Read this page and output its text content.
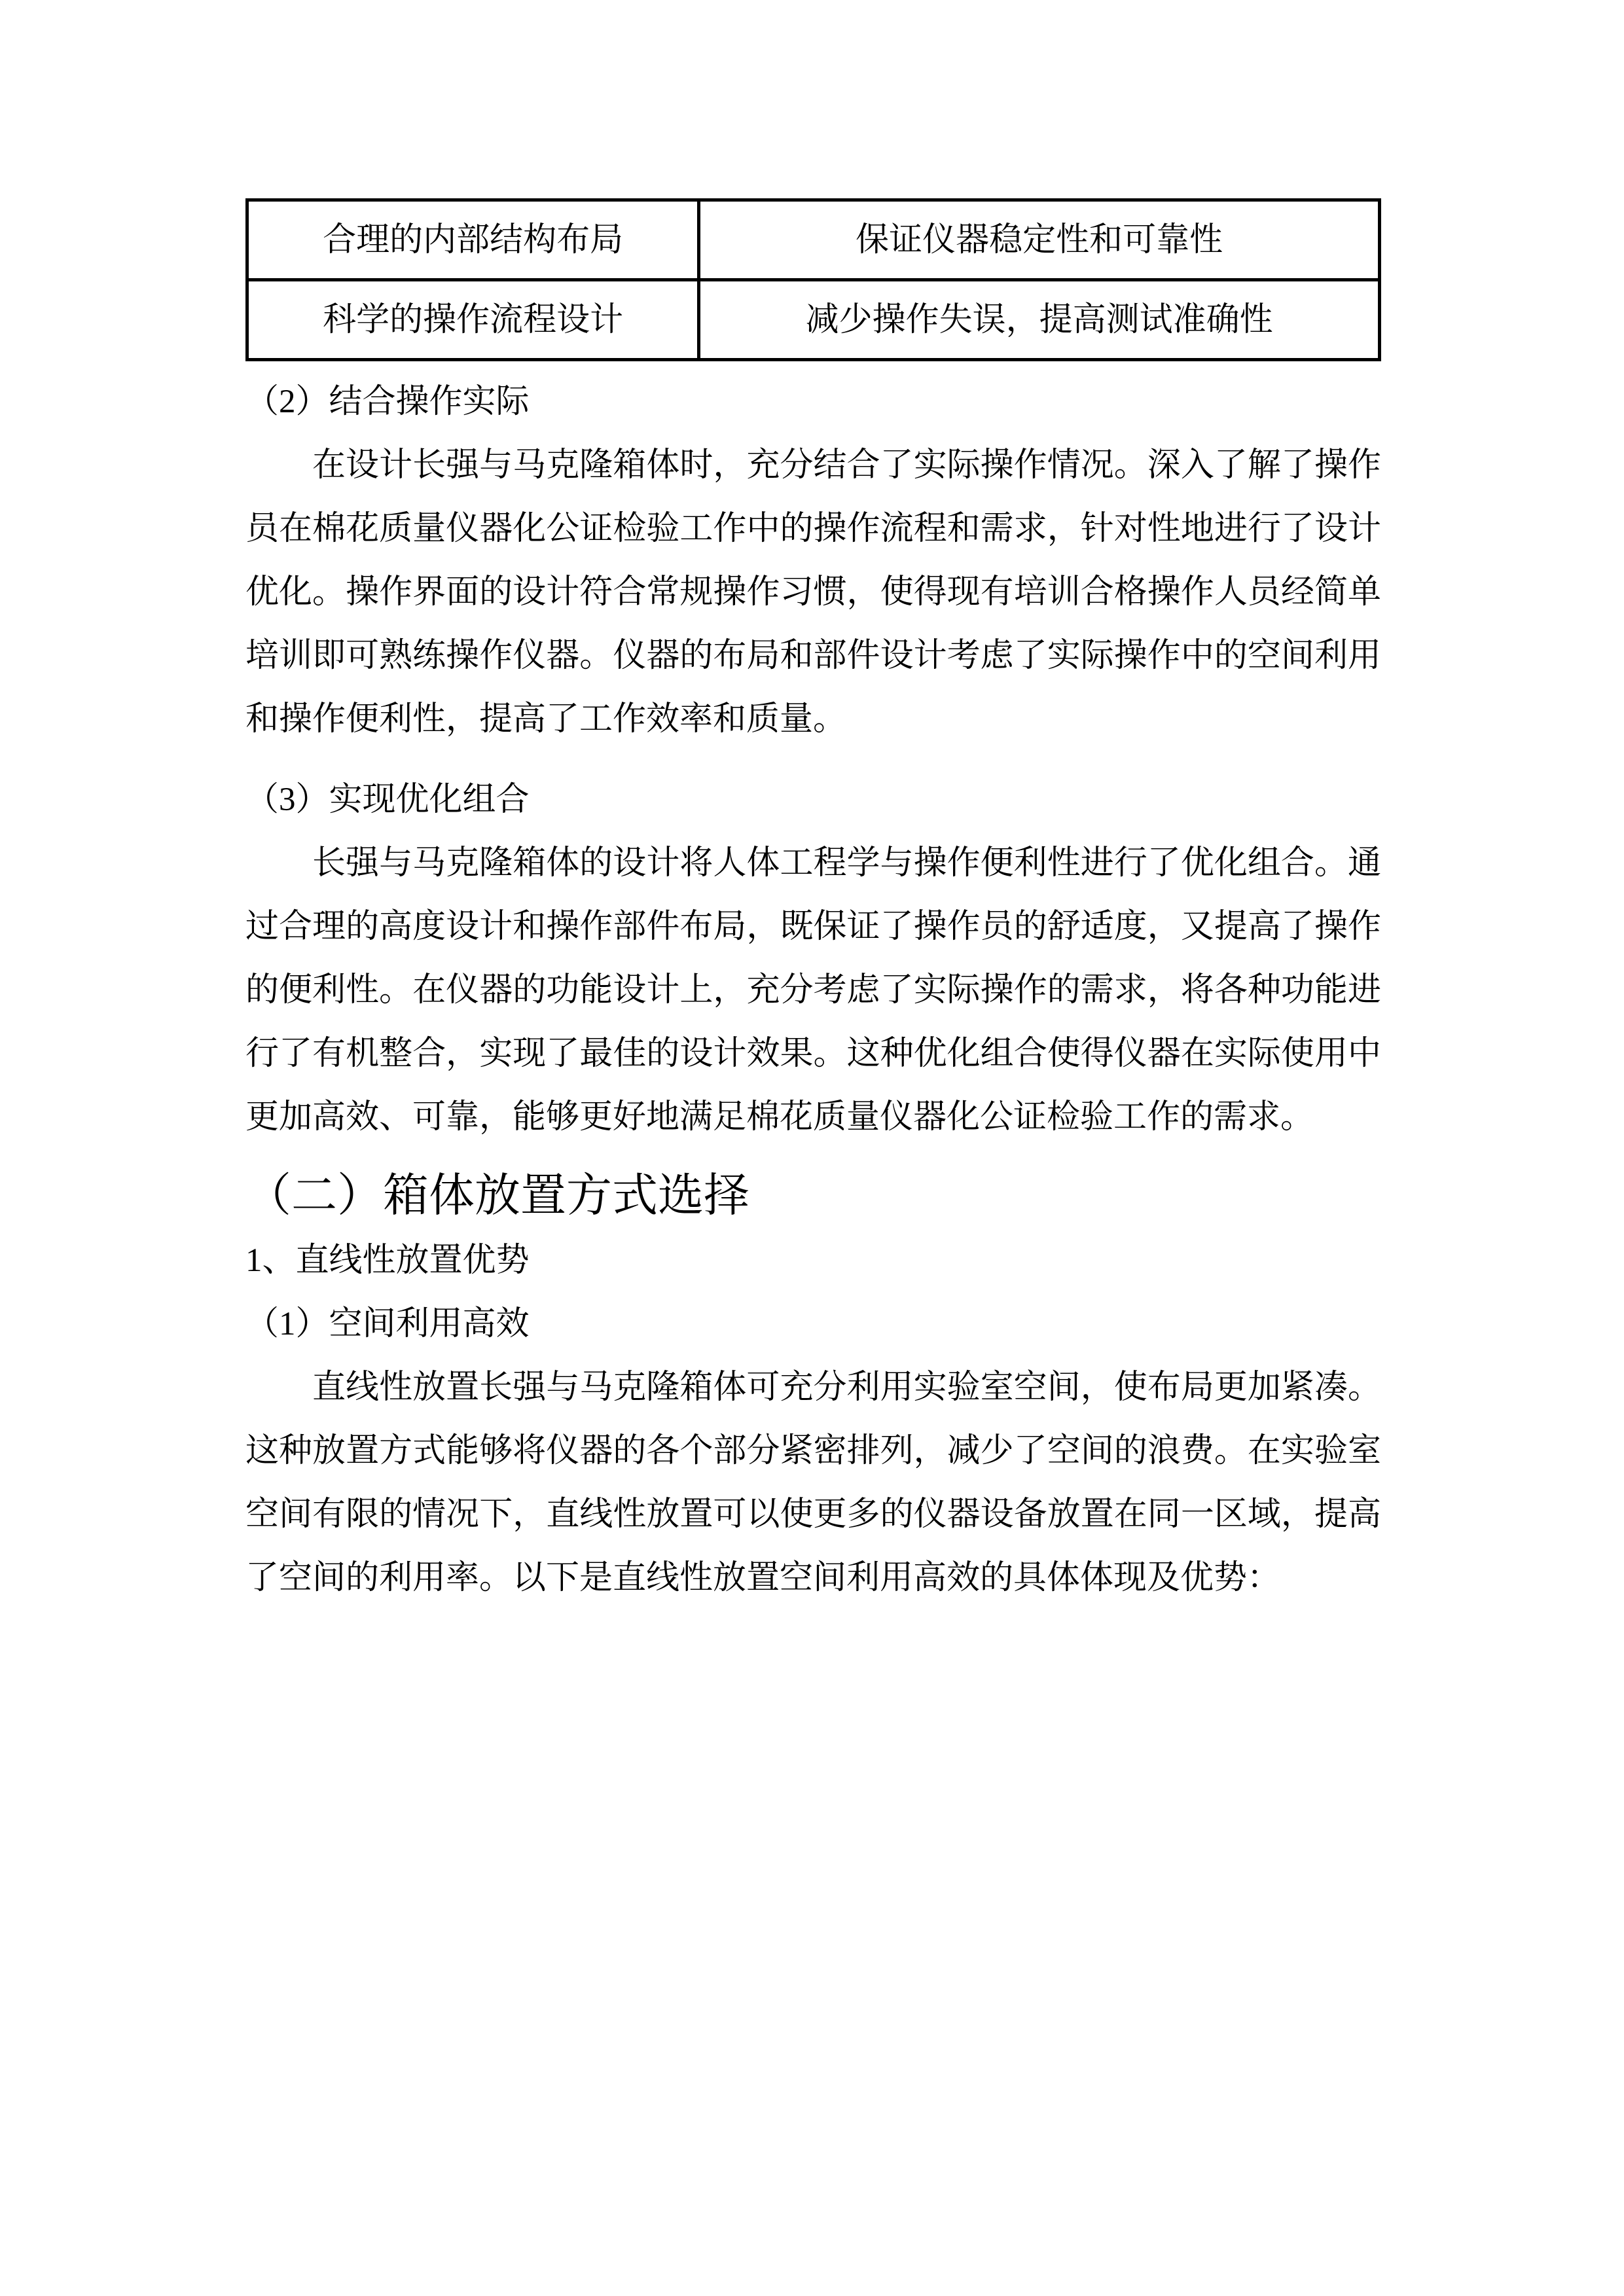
合理的内部结构布局	保证仪器稳定性和可靠性
科学的操作流程设计	减少操作失误，提高测试准确性

（2）结合操作实际

在设计长强与马克隆箱体时，充分结合了实际操作情况。深入了解了操作员在棉花质量仪器化公证检验工作中的操作流程和需求，针对性地进行了设计优化。操作界面的设计符合常规操作习惯，使得现有培训合格操作人员经简单培训即可熟练操作仪器。仪器的布局和部件设计考虑了实际操作中的空间利用和操作便利性，提高了工作效率和质量。

（3）实现优化组合

长强与马克隆箱体的设计将人体工程学与操作便利性进行了优化组合。通过合理的高度设计和操作部件布局，既保证了操作员的舒适度，又提高了操作的便利性。在仪器的功能设计上，充分考虑了实际操作的需求，将各种功能进行了有机整合，实现了最佳的设计效果。这种优化组合使得仪器在实际使用中更加高效、可靠，能够更好地满足棉花质量仪器化公证检验工作的需求。

（二）箱体放置方式选择

1、直线性放置优势

（1）空间利用高效

直线性放置长强与马克隆箱体可充分利用实验室空间，使布局更加紧凑。这种放置方式能够将仪器的各个部分紧密排列，减少了空间的浪费。在实验室空间有限的情况下，直线性放置可以使更多的仪器设备放置在同一区域，提高了空间的利用率。以下是直线性放置空间利用高效的具体体现及优势：
